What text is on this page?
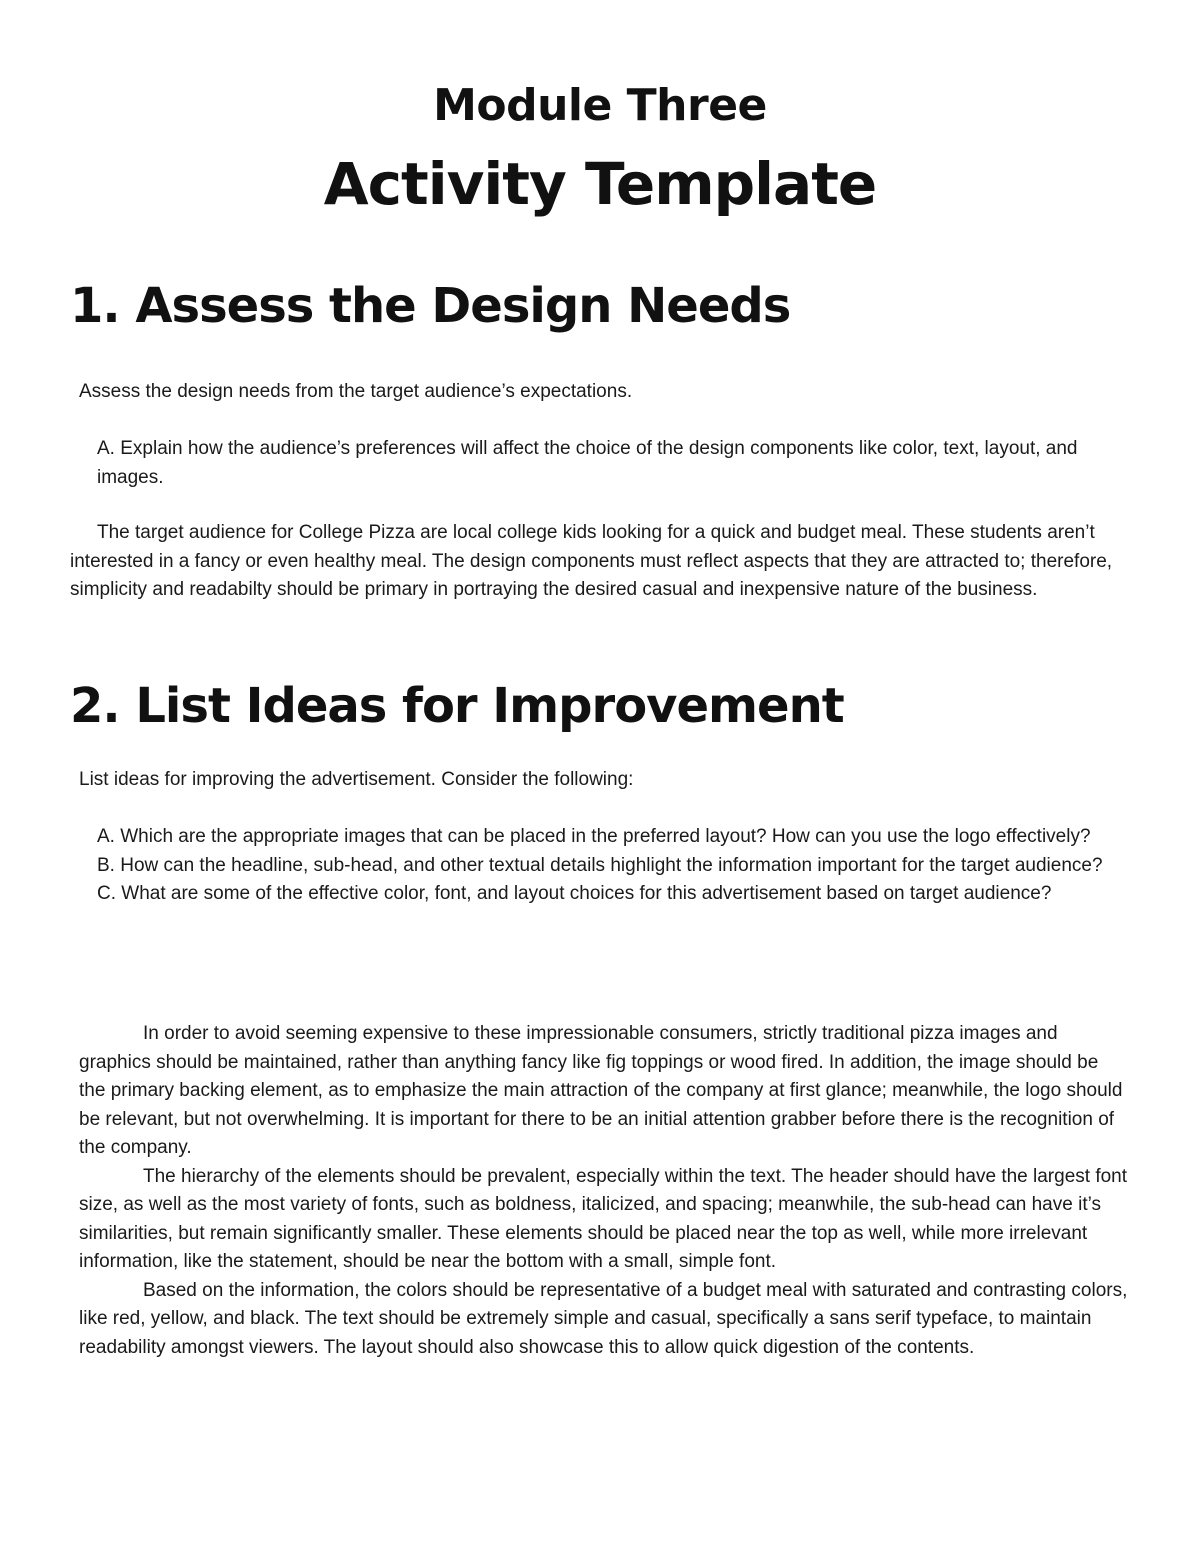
Module Three
Activity Template
1. Assess the Design Needs
Assess the design needs from the target audience’s expectations.
A. Explain how the audience’s preferences will affect the choice of the design components like color, text, layout, and images.
The target audience for College Pizza are local college kids looking for a quick and budget meal. These students aren’t interested in a fancy or even healthy meal. The design components must reflect aspects that they are attracted to; therefore, simplicity and readabilty should be primary in portraying the desired casual and inexpensive nature of the business.
2. List Ideas for Improvement
List ideas for improving the advertisement. Consider the following:
A. Which are the appropriate images that can be placed in the preferred layout? How can you use the logo effectively?
B. How can the headline, sub-head, and other textual details highlight the information important for the target audience?
C. What are some of the effective color, font, and layout choices for this advertisement based on target audience?

In order to avoid seeming expensive to these impressionable consumers, strictly traditional pizza images and graphics should be maintained, rather than anything fancy like fig toppings or wood fired. In addition, the image should be the primary backing element, as to emphasize the main attraction of the company at first glance; meanwhile, the logo should be relevant, but not overwhelming. It is important for there to be an initial attention grabber before there is the recognition of the company.

The hierarchy of the elements should be prevalent, especially within the text. The header should have the largest font size, as well as the most variety of fonts, such as boldness, italicized, and spacing; meanwhile, the sub-head can have it’s similarities, but remain significantly smaller. These elements should be placed near the top as well, while more irrelevant information, like the statement, should be near the bottom with a small, simple font.

Based on the information, the colors should be representative of a budget meal with saturated and contrasting colors, like red, yellow, and black. The text should be extremely simple and casual, specifically a sans serif typeface, to maintain readability amongst viewers. The layout should also showcase this to allow quick digestion of the contents.
